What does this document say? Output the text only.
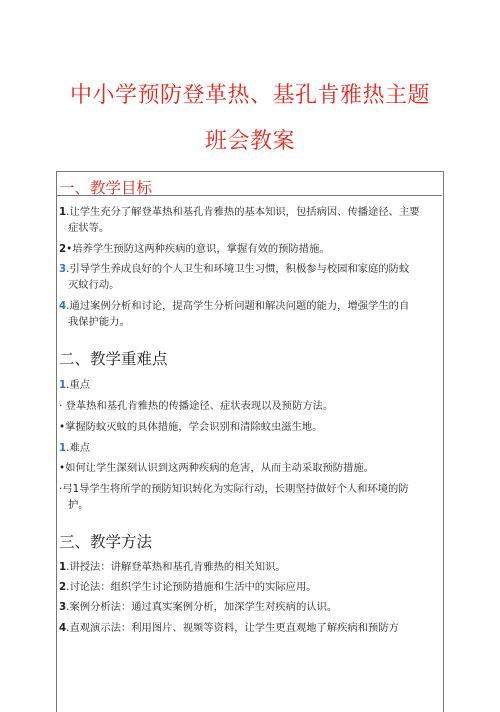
中小学预防登革热、基孔肯雅热主题
班会教案
一、教学目标
1.让学生充分了解登革热和基孔肯雅热的基本知识，包括病因、传播途径、主要
症状等。
2•培养学生预防这两种疾病的意识，掌握有效的预防措施。
3.引导学生养成良好的个人卫生和环境卫生习惯，积极参与校园和家庭的防蚊
灭蚊行动。
4.通过案例分析和讨论，提高学生分析问题和解决问题的能力，增强学生的自
我保护能力。
二、教学重难点
1.重点
· 登革热和基孔肯雅热的传播途径、症状表现以及预防方法。
•掌握防蚊灭蚊的具体措施，学会识别和清除蚊虫滋生地。
1.难点
•如何让学生深刻认识到这两种疾病的危害，从而主动采取预防措施。
·弓1导学生将所学的预防知识转化为实际行动，长期坚持做好个人和环境的防
护。
三、教学方法
1.讲授法：讲解登革热和基孔肯雅热的相关知识。
2.讨论法：组织学生讨论预防措施和生活中的实际应用。
3.案例分析法：通过真实案例分析，加深学生对疾病的认识。
4.直观演示法：利用图片、视频等资料，让学生更直观地了解疾病和预防方
